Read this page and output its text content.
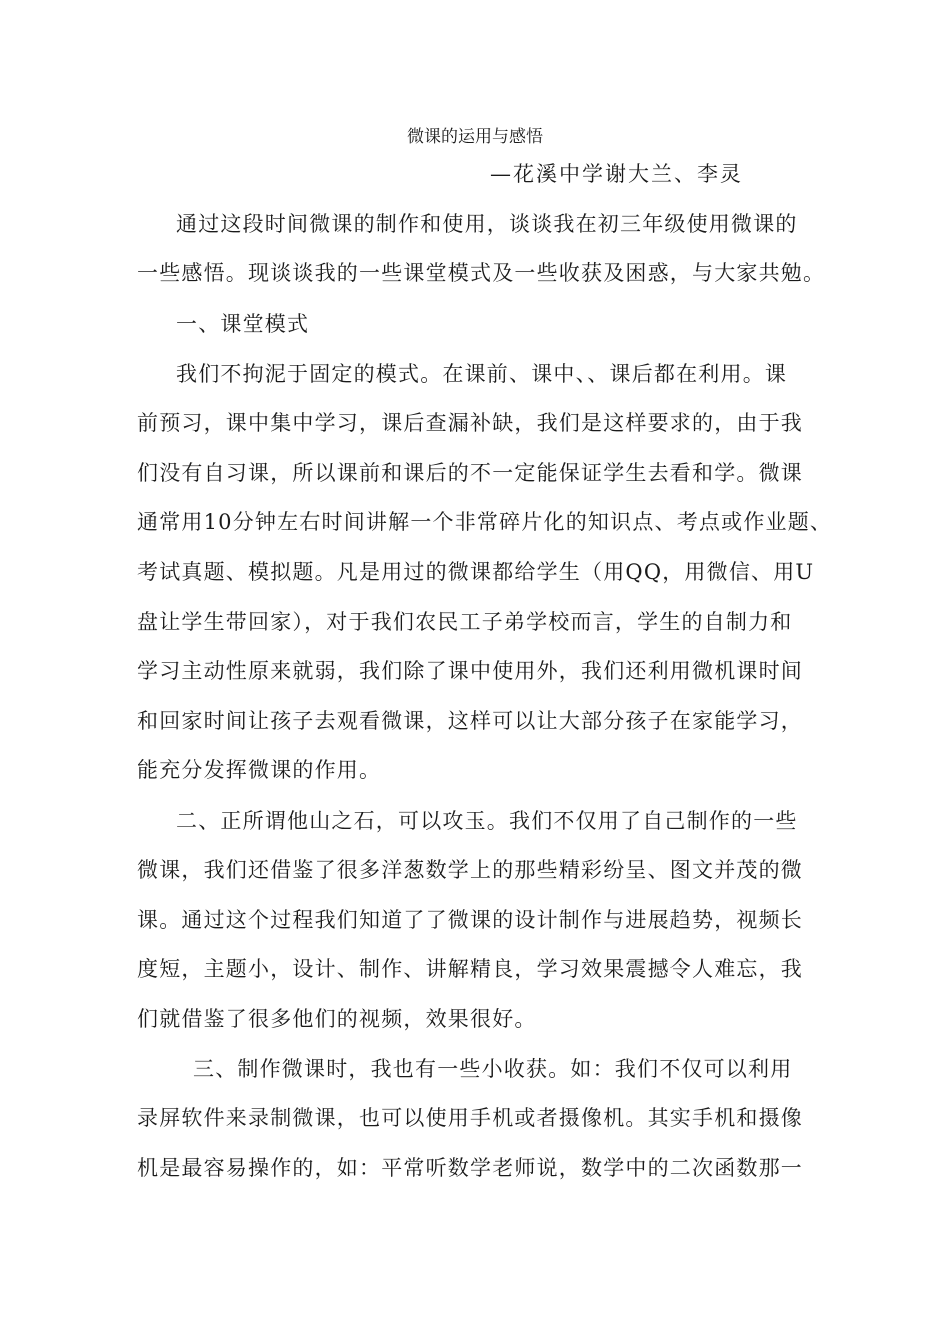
微课的运用与感悟
—花溪中学谢大兰、李灵
通过这段时间微课的制作和使用，谈谈我在初三年级使用微课的
一些感悟。现谈谈我的一些课堂模式及一些收获及困惑，与大家共勉。
一、课堂模式
我们不拘泥于固定的模式。在课前、课中、、课后都在利用。课
前预习，课中集中学习，课后查漏补缺，我们是这样要求的，由于我
们没有自习课，所以课前和课后的不一定能保证学生去看和学。微课
通常用10分钟左右时间讲解一个非常碎片化的知识点、考点或作业题、
考试真题、模拟题。凡是用过的微课都给学生（用QQ，用微信、用U
盘让学生带回家），对于我们农民工子弟学校而言，学生的自制力和
学习主动性原来就弱，我们除了课中使用外，我们还利用微机课时间
和回家时间让孩子去观看微课，这样可以让大部分孩子在家能学习，
能充分发挥微课的作用。
二、正所谓他山之石，可以攻玉。我们不仅用了自己制作的一些
微课，我们还借鉴了很多洋葱数学上的那些精彩纷呈、图文并茂的微
课。通过这个过程我们知道了了微课的设计制作与进展趋势，视频长
度短，主题小，设计、制作、讲解精良，学习效果震撼令人难忘，我
们就借鉴了很多他们的视频，效果很好。
三、制作微课时，我也有一些小收获。如：我们不仅可以利用
录屏软件来录制微课，也可以使用手机或者摄像机。其实手机和摄像
机是最容易操作的，如：平常听数学老师说，数学中的二次函数那一
